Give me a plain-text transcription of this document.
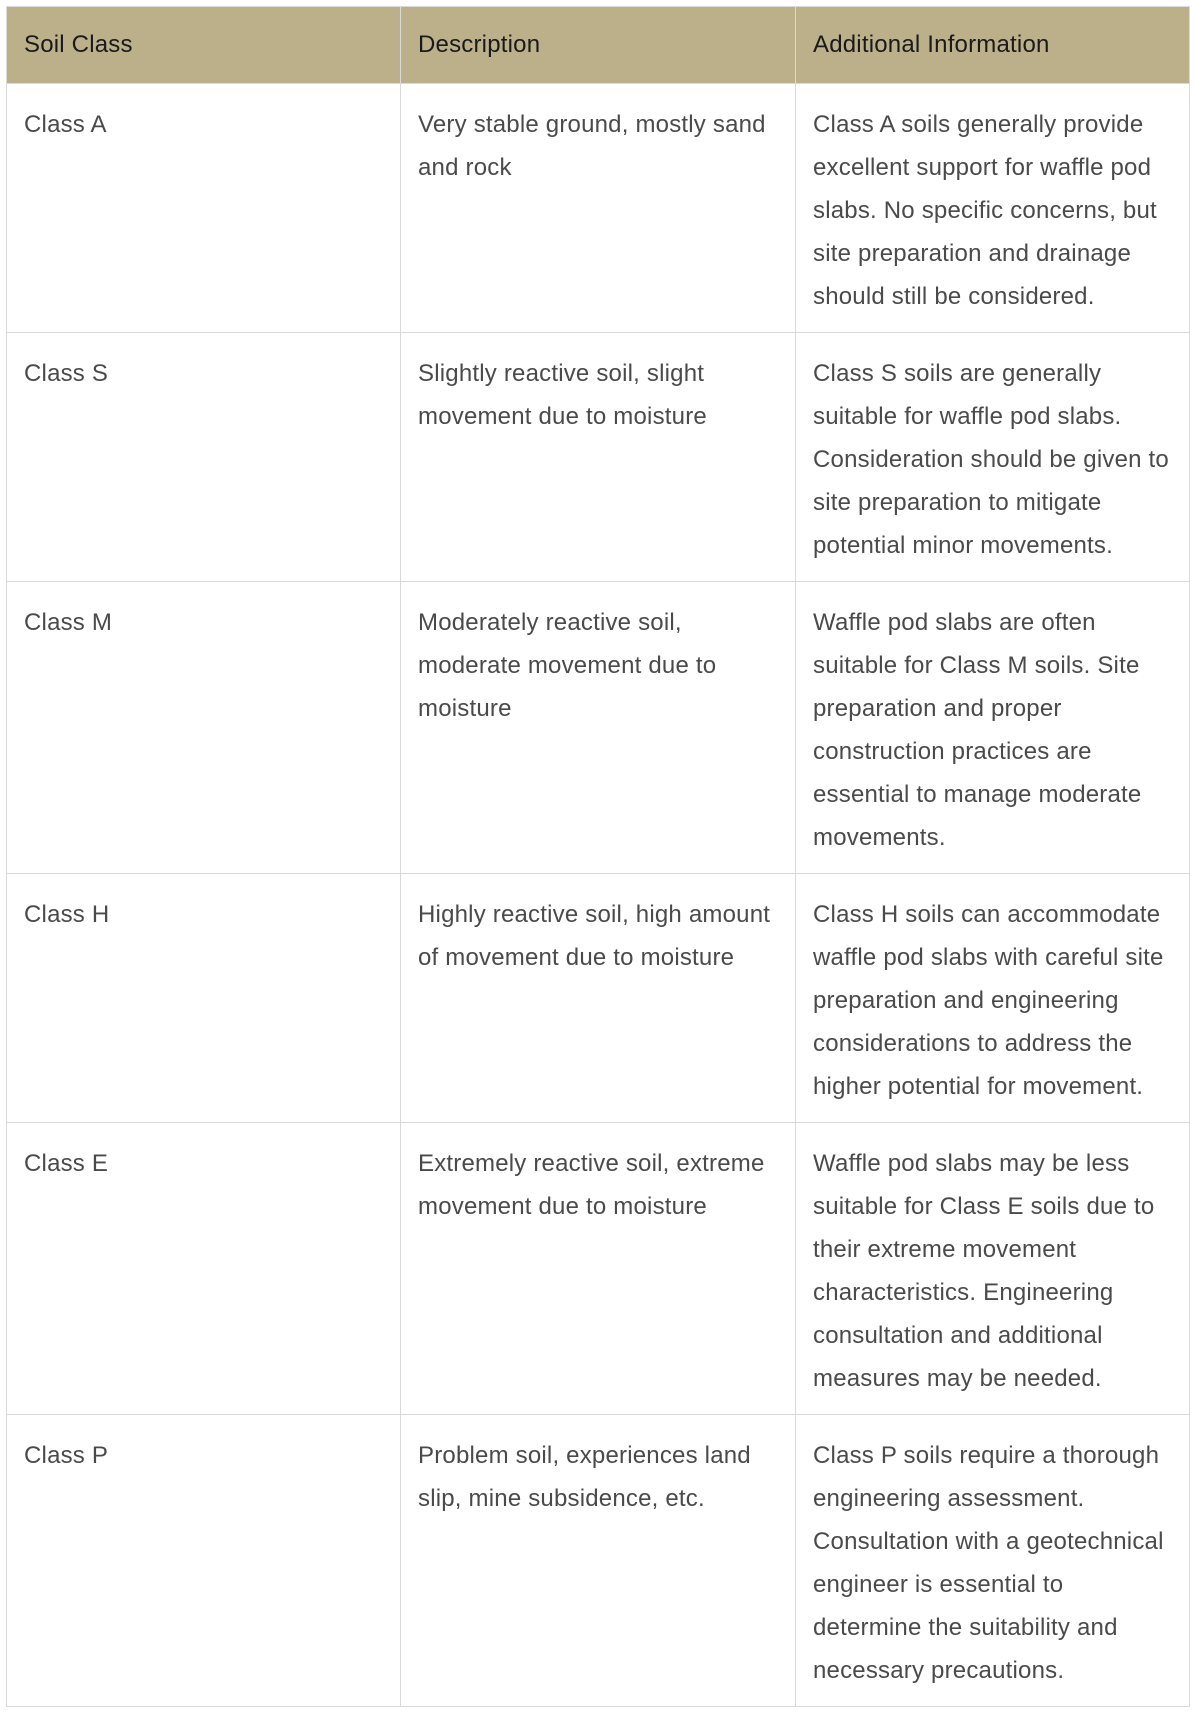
Soil Class	Description	Additional Information
Class A	Very stable ground, mostly sand and rock	Class A soils generally provide excellent support for waffle pod slabs. No specific concerns, but site preparation and drainage should still be considered.
Class S	Slightly reactive soil, slight movement due to moisture	Class S soils are generally suitable for waffle pod slabs. Consideration should be given to site preparation to mitigate potential minor movements.
Class M	Moderately reactive soil, moderate movement due to moisture	Waffle pod slabs are often suitable for Class M soils. Site preparation and proper construction practices are essential to manage moderate movements.
Class H	Highly reactive soil, high amount of movement due to moisture	Class H soils can accommodate waffle pod slabs with careful site preparation and engineering considerations to address the higher potential for movement.
Class E	Extremely reactive soil, extreme movement due to moisture	Waffle pod slabs may be less suitable for Class E soils due to their extreme movement characteristics. Engineering consultation and additional measures may be needed.
Class P	Problem soil, experiences land slip, mine subsidence, etc.	Class P soils require a thorough engineering assessment. Consultation with a geotechnical engineer is essential to determine the suitability and necessary precautions.
